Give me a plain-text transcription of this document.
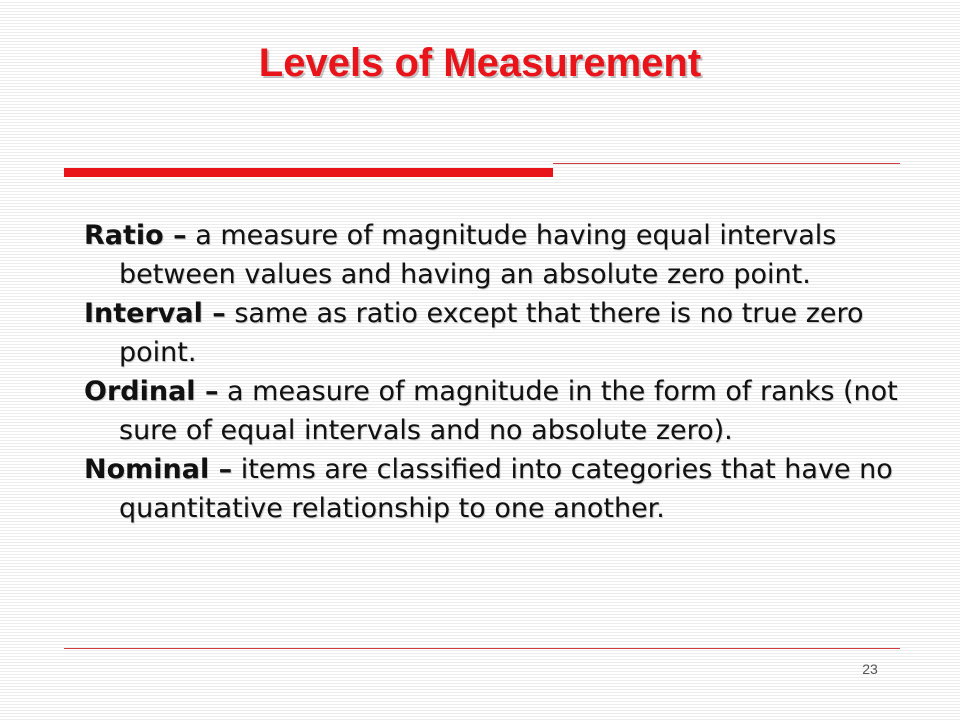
Levels of Measurement
Ratio – a measure of magnitude having equal intervals between values and having an absolute zero point.
Interval – same as ratio except that there is no true zero point.
Ordinal – a measure of magnitude in the form of ranks (not sure of equal intervals and no absolute zero).
Nominal – items are classified into categories that have no quantitative relationship to one another.
23
